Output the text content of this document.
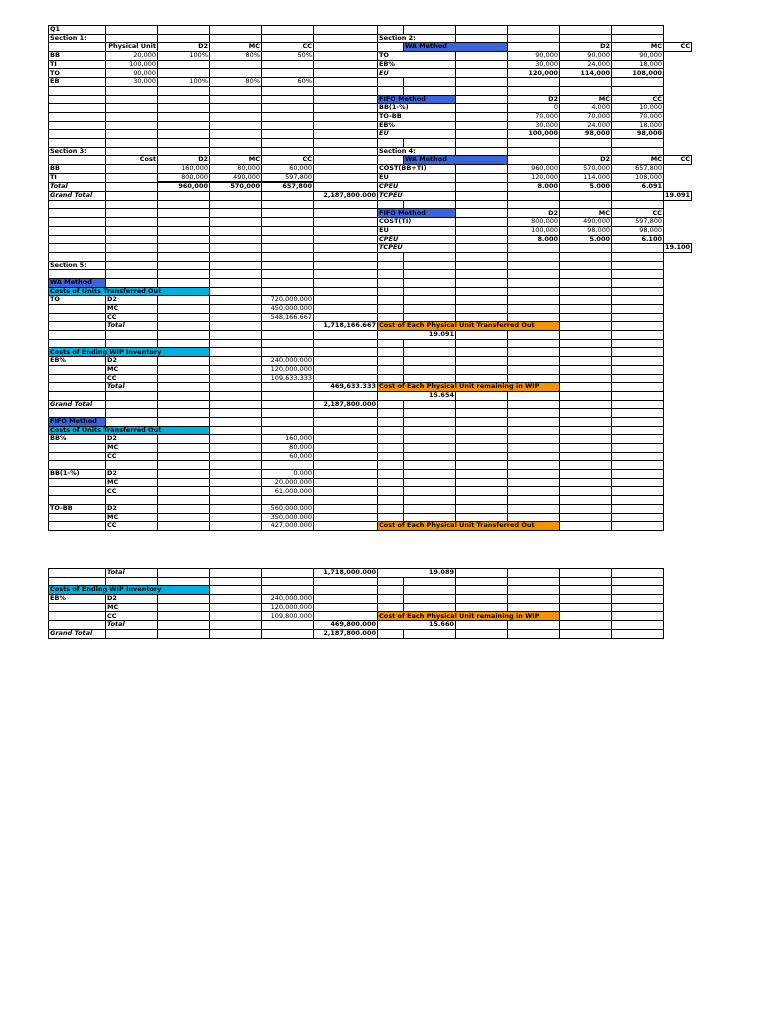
Q1												
Section 1:						Section 2:						
	Physical Unit	D2	MC	CC			WA Method			D2	MC	CC
BB	20,000	100%	80%	50%		TO			90,000	90,000	90,000	
TI	100,000					EB%			30,000	24,000	18,000	
TO	90,000					EU			120,000	114,000	108,000	
EB	30,000	100%	80%	60%								

						FIFO Method			D2	MC	CC	
						BB(1-%)			0	4,000	10,000	
						TO-BB			70,000	70,000	70,000	
						EB%			30,000	24,000	18,000	
						EU			100,000	98,000	98,000	

Section 3:						Section 4:						
	Cost	D2	MC	CC			WA Method			D2	MC	CC
BB		160,000	80,000	60,000		COST(BB+TI)			960,000	570,000	657,800	
TI		800,000	490,000	597,800		EU			120,000	114,000	108,000	
Total		960,000	570,000	657,800		CPEU			8.000	5.000	6.091	
Grand Total					2,187,800.000	TCPEU						19.091

						FIFO Method			D2	MC	CC	
						COST(TI)			800,000	490,000	597,800	
						EU			100,000	98,000	98,000	
						CPEU			8.000	5.000	6.100	
						TCPEU						19.100

Section 5:												

WA Method												
Costs of Units Transferred Out												
TO	D2			720,000.000								
	MC			450,000.000								
	CC			548,166.667								
	Total				1,718,166.667	Cost of Each Physical Unit Transferred Out						
						19.091						

Costs of Ending WIP Inventory												
EB%	D2			240,000.000								
	MC			120,000.000								
	CC			109,633.333								
	Total				469,633.333	Cost of Each Physical Unit remaining in WIP						
						15.654						
Grand Total					2,187,800.000							

FIFO Method												
Costs of Units Transferred Out												
BB%	D2			160,000								
	MC			80,000								
	CC			60,000								

BB(1-%)	D2			0.000								
	MC			20,000.000								
	CC			61,000.000								

TO-BB	D2			560,000.000								
	MC			350,000.000								
	CC			427,000.000		Cost of Each Physical Unit Transferred Out						
	Total				1,718,000.000	19.089					

Costs of Ending WIP Inventory											
EB%	D2			240,000.000							
	MC			120,000.000							
	CC			109,800.000		Cost of Each Physical Unit remaining in WIP					
	Total				469,800.000	15.660					
Grand Total					2,187,800.000						
